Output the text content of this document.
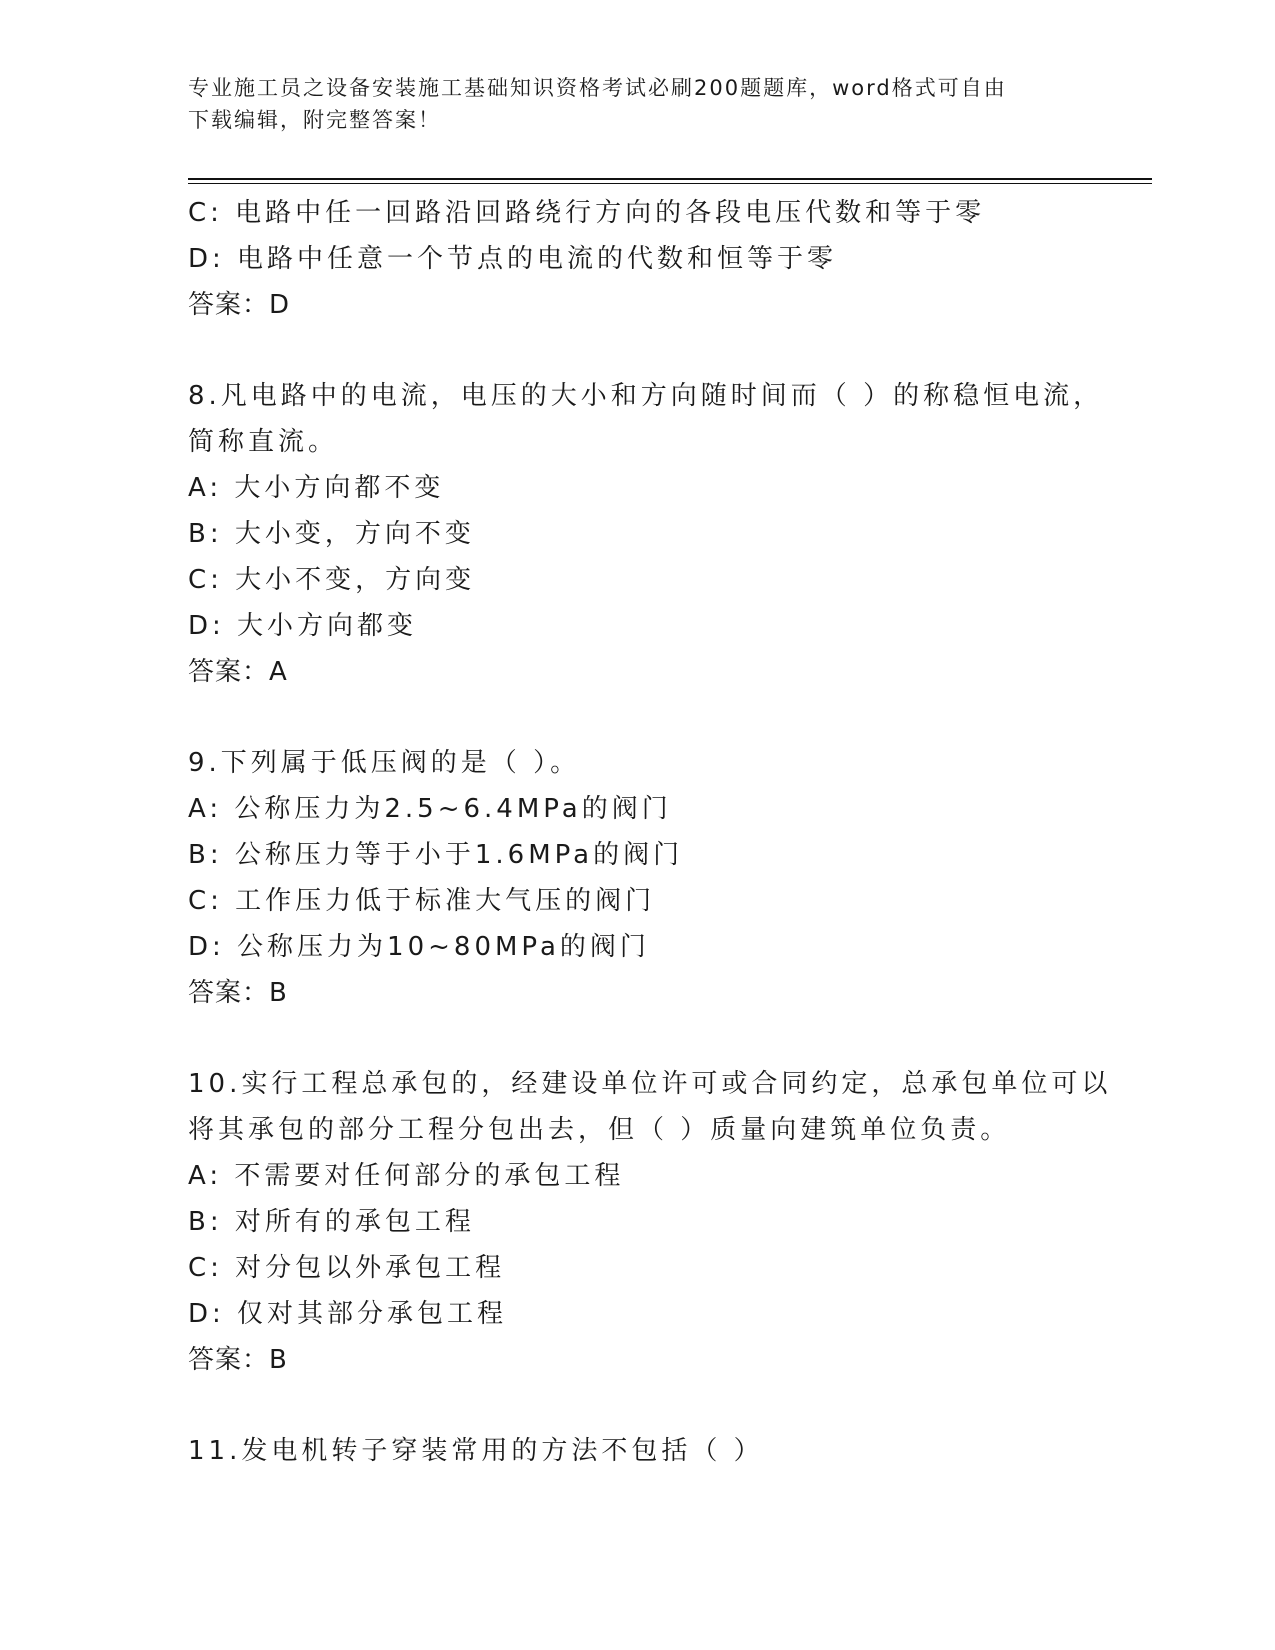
专业施工员之设备安装施工基础知识资格考试必刷200题题库，word格式可自由
下载编辑，附完整答案！
C: 电路中任一回路沿回路绕行方向的各段电压代数和等于零
D: 电路中任意一个节点的电流的代数和恒等于零
答案：D
8.凡电路中的电流，电压的大小和方向随时间而（ ）的称稳恒电流，
简称直流。
A: 大小方向都不变
B: 大小变，方向不变
C: 大小不变，方向变
D: 大小方向都变
答案：A
9.下列属于低压阀的是（ ）。
A: 公称压力为2.5~6.4MPa的阀门
B: 公称压力等于小于1.6MPa的阀门
C: 工作压力低于标准大气压的阀门
D: 公称压力为10~80MPa的阀门
答案：B
10.实行工程总承包的，经建设单位许可或合同约定，总承包单位可以
将其承包的部分工程分包出去，但（ ）质量向建筑单位负责。
A: 不需要对任何部分的承包工程
B: 对所有的承包工程
C: 对分包以外承包工程
D: 仅对其部分承包工程
答案：B
11.发电机转子穿装常用的方法不包括（ ）
